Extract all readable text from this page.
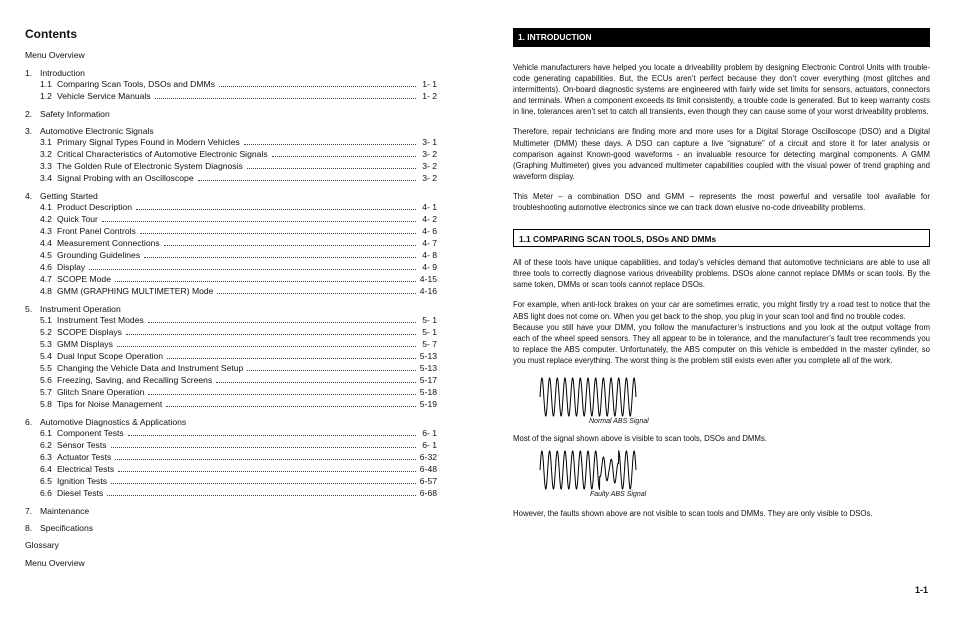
Contents
Menu Overview
1. Introduction
1.1 Comparing Scan Tools, DSOs and DMMs	1- 1
1.2 Vehicle Service Manuals	1- 2
2. Safety Information
3. Automotive Electronic Signals
3.1 Primary Signal Types Found in Modern Vehicles	3- 1
3.2 Critical Characteristics of Automotive Electronic Signals	3- 2
3.3 The Golden Rule of Electronic System Diagnosis	3- 2
3.4 Signal Probing with an Oscilloscope	3- 2
4. Getting Started
4.1 Product Description	4- 1
4.2 Quick Tour	4- 2
4.3 Front Panel Controls	4- 6
4.4 Measurement Connections	4- 7
4.5 Grounding Guidelines	4- 8
4.6 Display	4- 9
4.7 SCOPE Mode	4-15
4.8 GMM (GRAPHING MULTIMETER) Mode	4-16
5. Instrument Operation
5.1 Instrument Test Modes	5- 1
5.2 SCOPE Displays	5- 1
5.3 GMM Displays	5- 7
5.4 Dual Input Scope Operation	5-13
5.5 Changing the Vehicle Data and Instrument Setup	5-13
5.6 Freezing, Saving, and Recalling Screens	5-17
5.7 Glitch Snare Operation	5-18
5.8 Tips for Noise Management	5-19
6. Automotive Diagnostics & Applications
6.1 Component Tests	6- 1
6.2 Sensor Tests	6- 1
6.3 Actuator Tests	6-32
6.4 Electrical Tests	6-48
6.5 Ignition Tests	6-57
6.6 Diesel Tests	6-68
7. Maintenance
8. Specifications
Glossary
Menu Overview
1. INTRODUCTION

Vehicle manufacturers have helped you locate a driveability problem by designing Electronic Control Units with trouble-code generating capabilities. But, the ECUs aren’t perfect because they don’t cover everything (most glitches and intermittents). On-board diagnostic systems are engineered with fairly wide set limits for sensors, actuators, connectors and terminals. When a component exceeds its limit consistently, a trouble code is generated. But to keep warranty costs in line, tolerances aren’t set to catch all transients, even though they can cause some of your worst driveability problems.

Therefore, repair technicians are finding more and more uses for a Digital Storage Oscilloscope (DSO) and a Digital Multimeter (DMM) these days. A DSO can capture a live “signature” of a circuit and store it for later analysis or comparison against Known-good waveforms - an invaluable resource for detecting marginal components. A GMM (Graphing Multimeter) gives you advanced multimeter capabilities coupled with the visual power of trend graphing and waveform display.

This Meter – a combination DSO and GMM – represents the most powerful and versatile tool available for troubleshooting automotive electronics since we can track down elusive no-code driveability problems.

1.1 COMPARING SCAN TOOLS, DSOs AND DMMs

All of these tools have unique capabilities, and today’s vehicles demand that automotive technicians are able to use all three tools to correctly diagnose various driveability problems. DSOs alone cannot replace DMMs or scan tools. By the same token, DMMs or scan tools cannot replace DSOs.

For example, when anti-lock brakes on your car are sometimes erratic, you might firstly try a road test to notice that the ABS light does not come on. When you get back to the shop, you plug in your scan tool and find no trouble codes.

Because you still have your DMM, you follow the manufacturer’s instructions and you look at the output voltage from each of the wheel speed sensors. They all appear to be in tolerance, and the manufacturer’s fault tree recommends you to replace the ABS computer. Unfortunately, the ABS computer on this vehicle is embedded in the master cylinder, so you must replace everything. The worst thing is the problem still exists even after you complete all of the work.

Normal ABS Signal

Most of the signal shown above is visible to scan tools, DSOs and DMMs.

Faulty ABS Signal

However, the faults shown above are not visible to scan tools and DMMs. They are only visible to DSOs.

1-1
